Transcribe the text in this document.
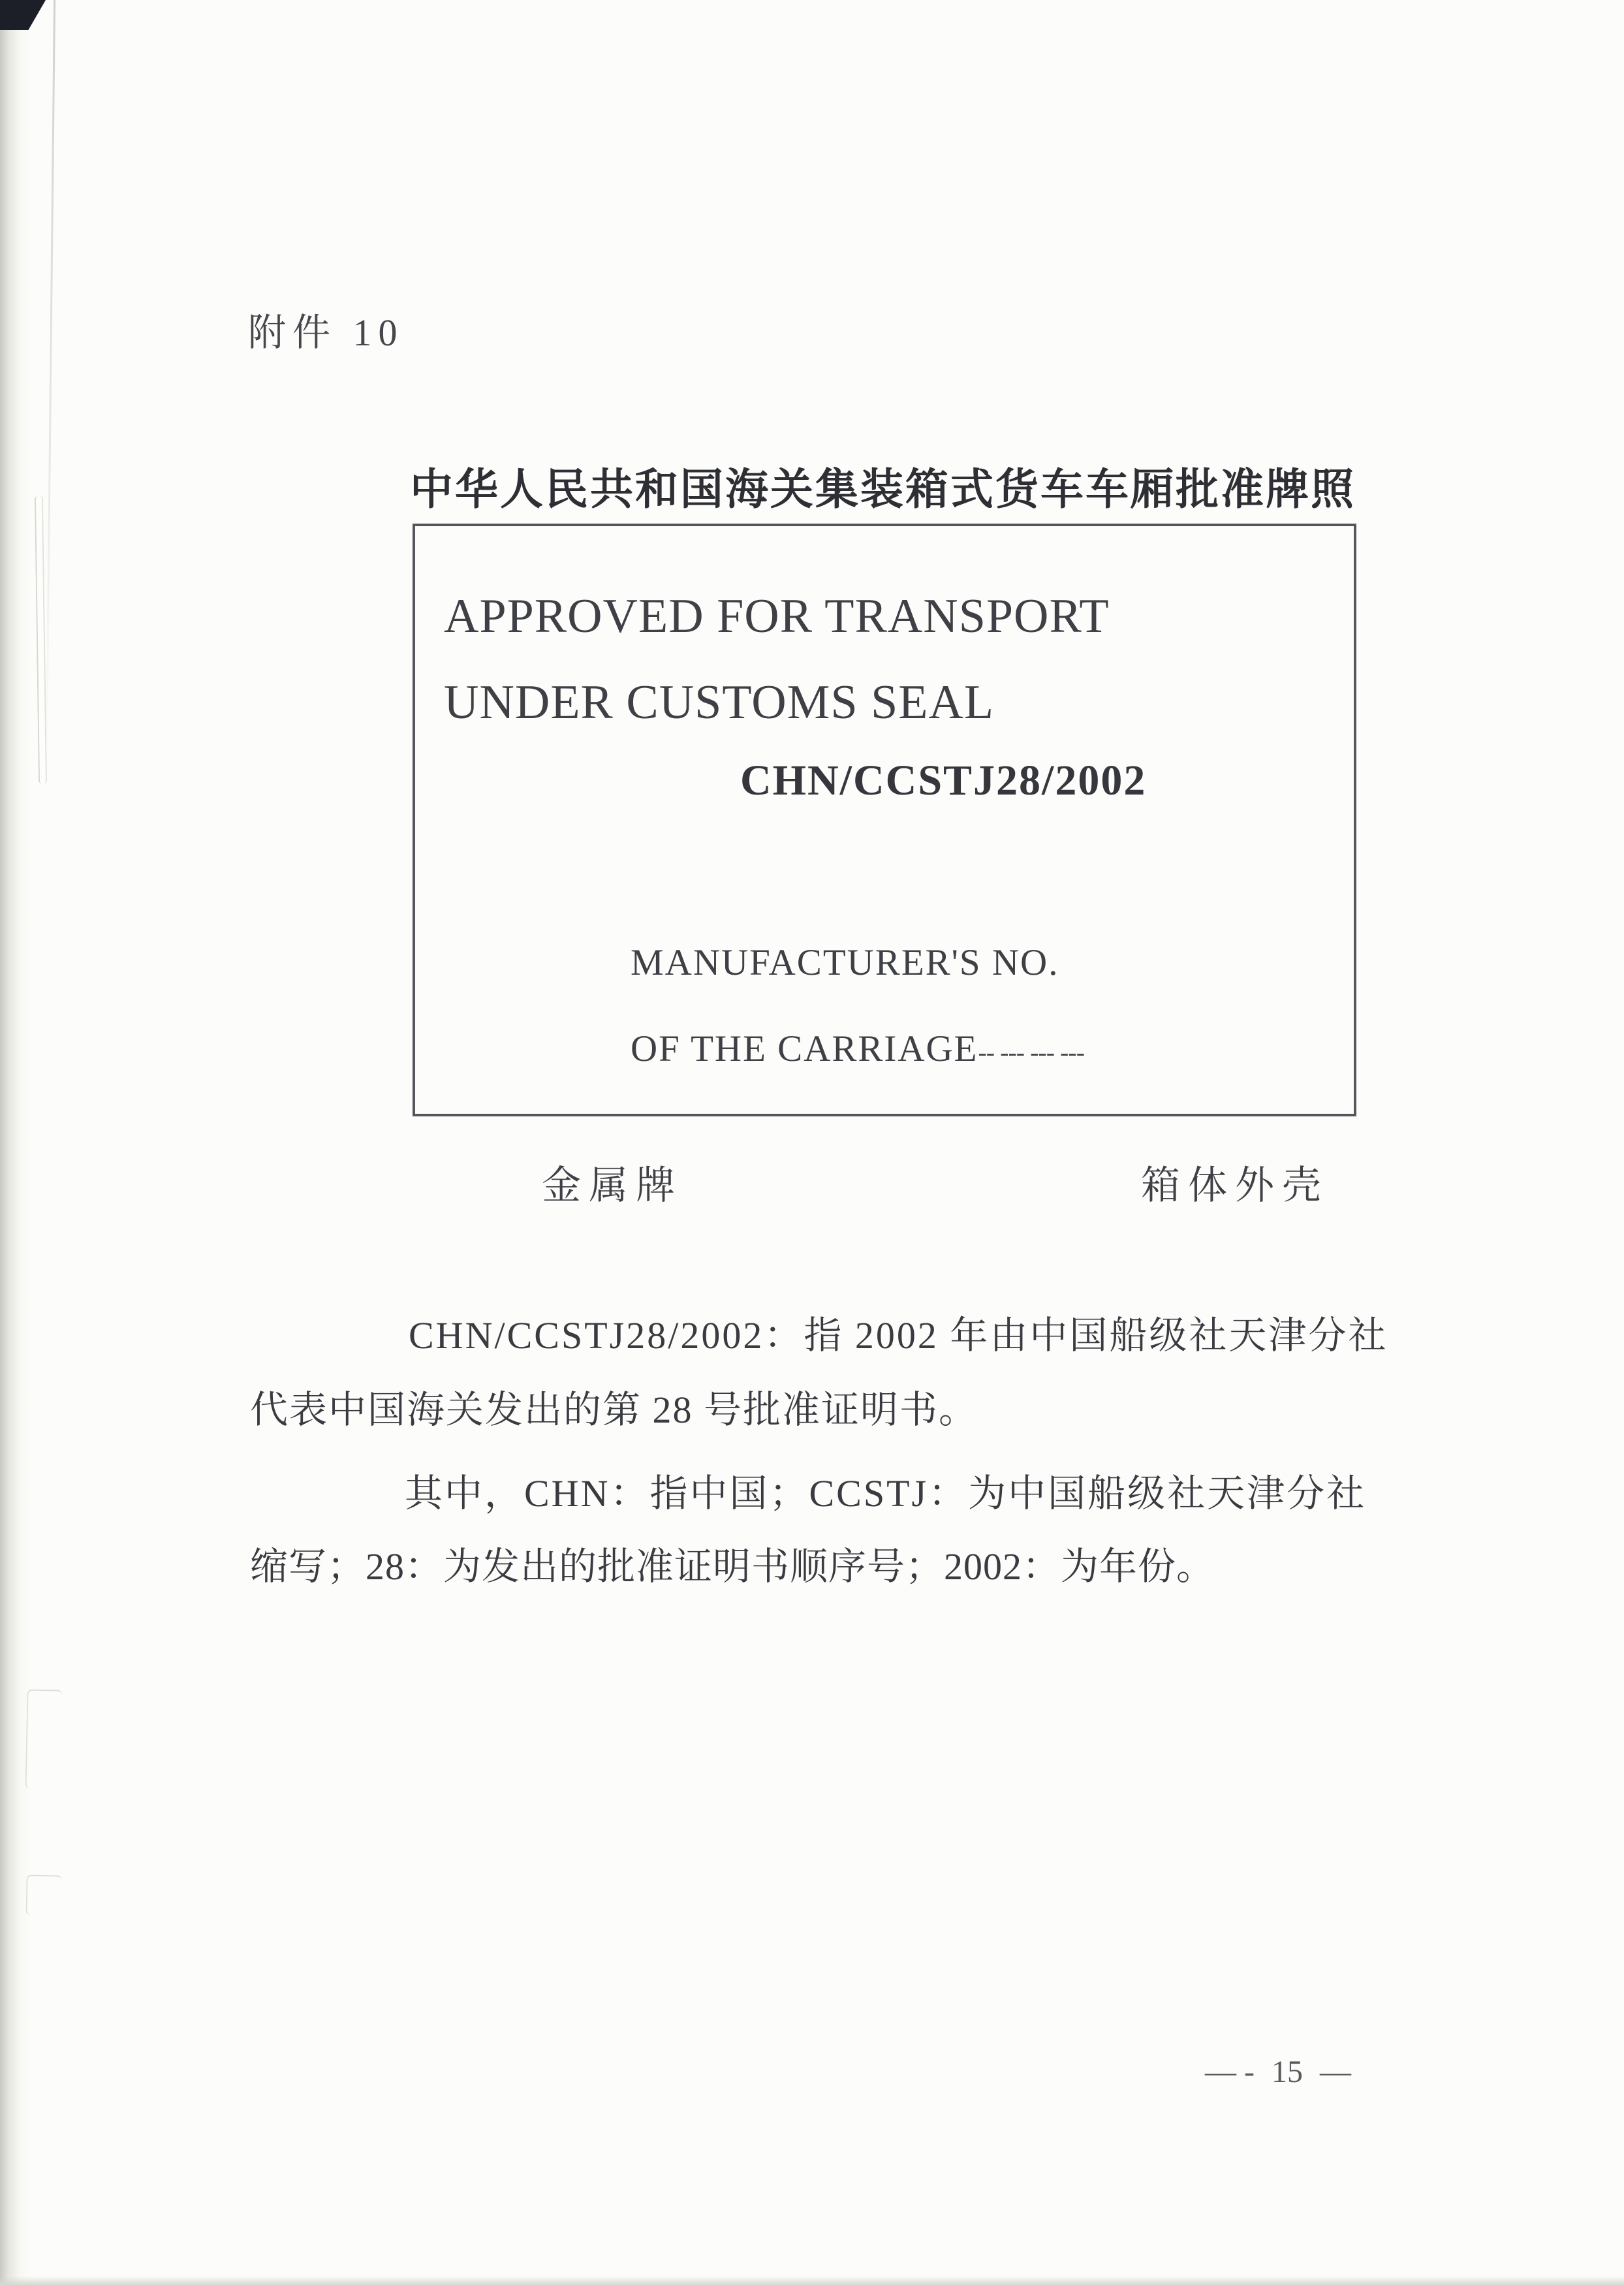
附件 10
中华人民共和国海关集装箱式货车车厢批准牌照
APPROVED FOR TRANSPORT
UNDER CUSTOMS SEAL
CHN/CCSTJ28/2002
MANUFACTURER'S NO.
OF THE CARRIAGE-- --- --- ---
金属牌	箱体外壳
CHN/CCSTJ28/2002：指 2002 年由中国船级社天津分社
代表中国海关发出的第 28 号批准证明书。
其中，CHN：指中国；CCSTJ：为中国船级社天津分社
缩写；28：为发出的批准证明书顺序号；2002：为年份。
— - 15 —
